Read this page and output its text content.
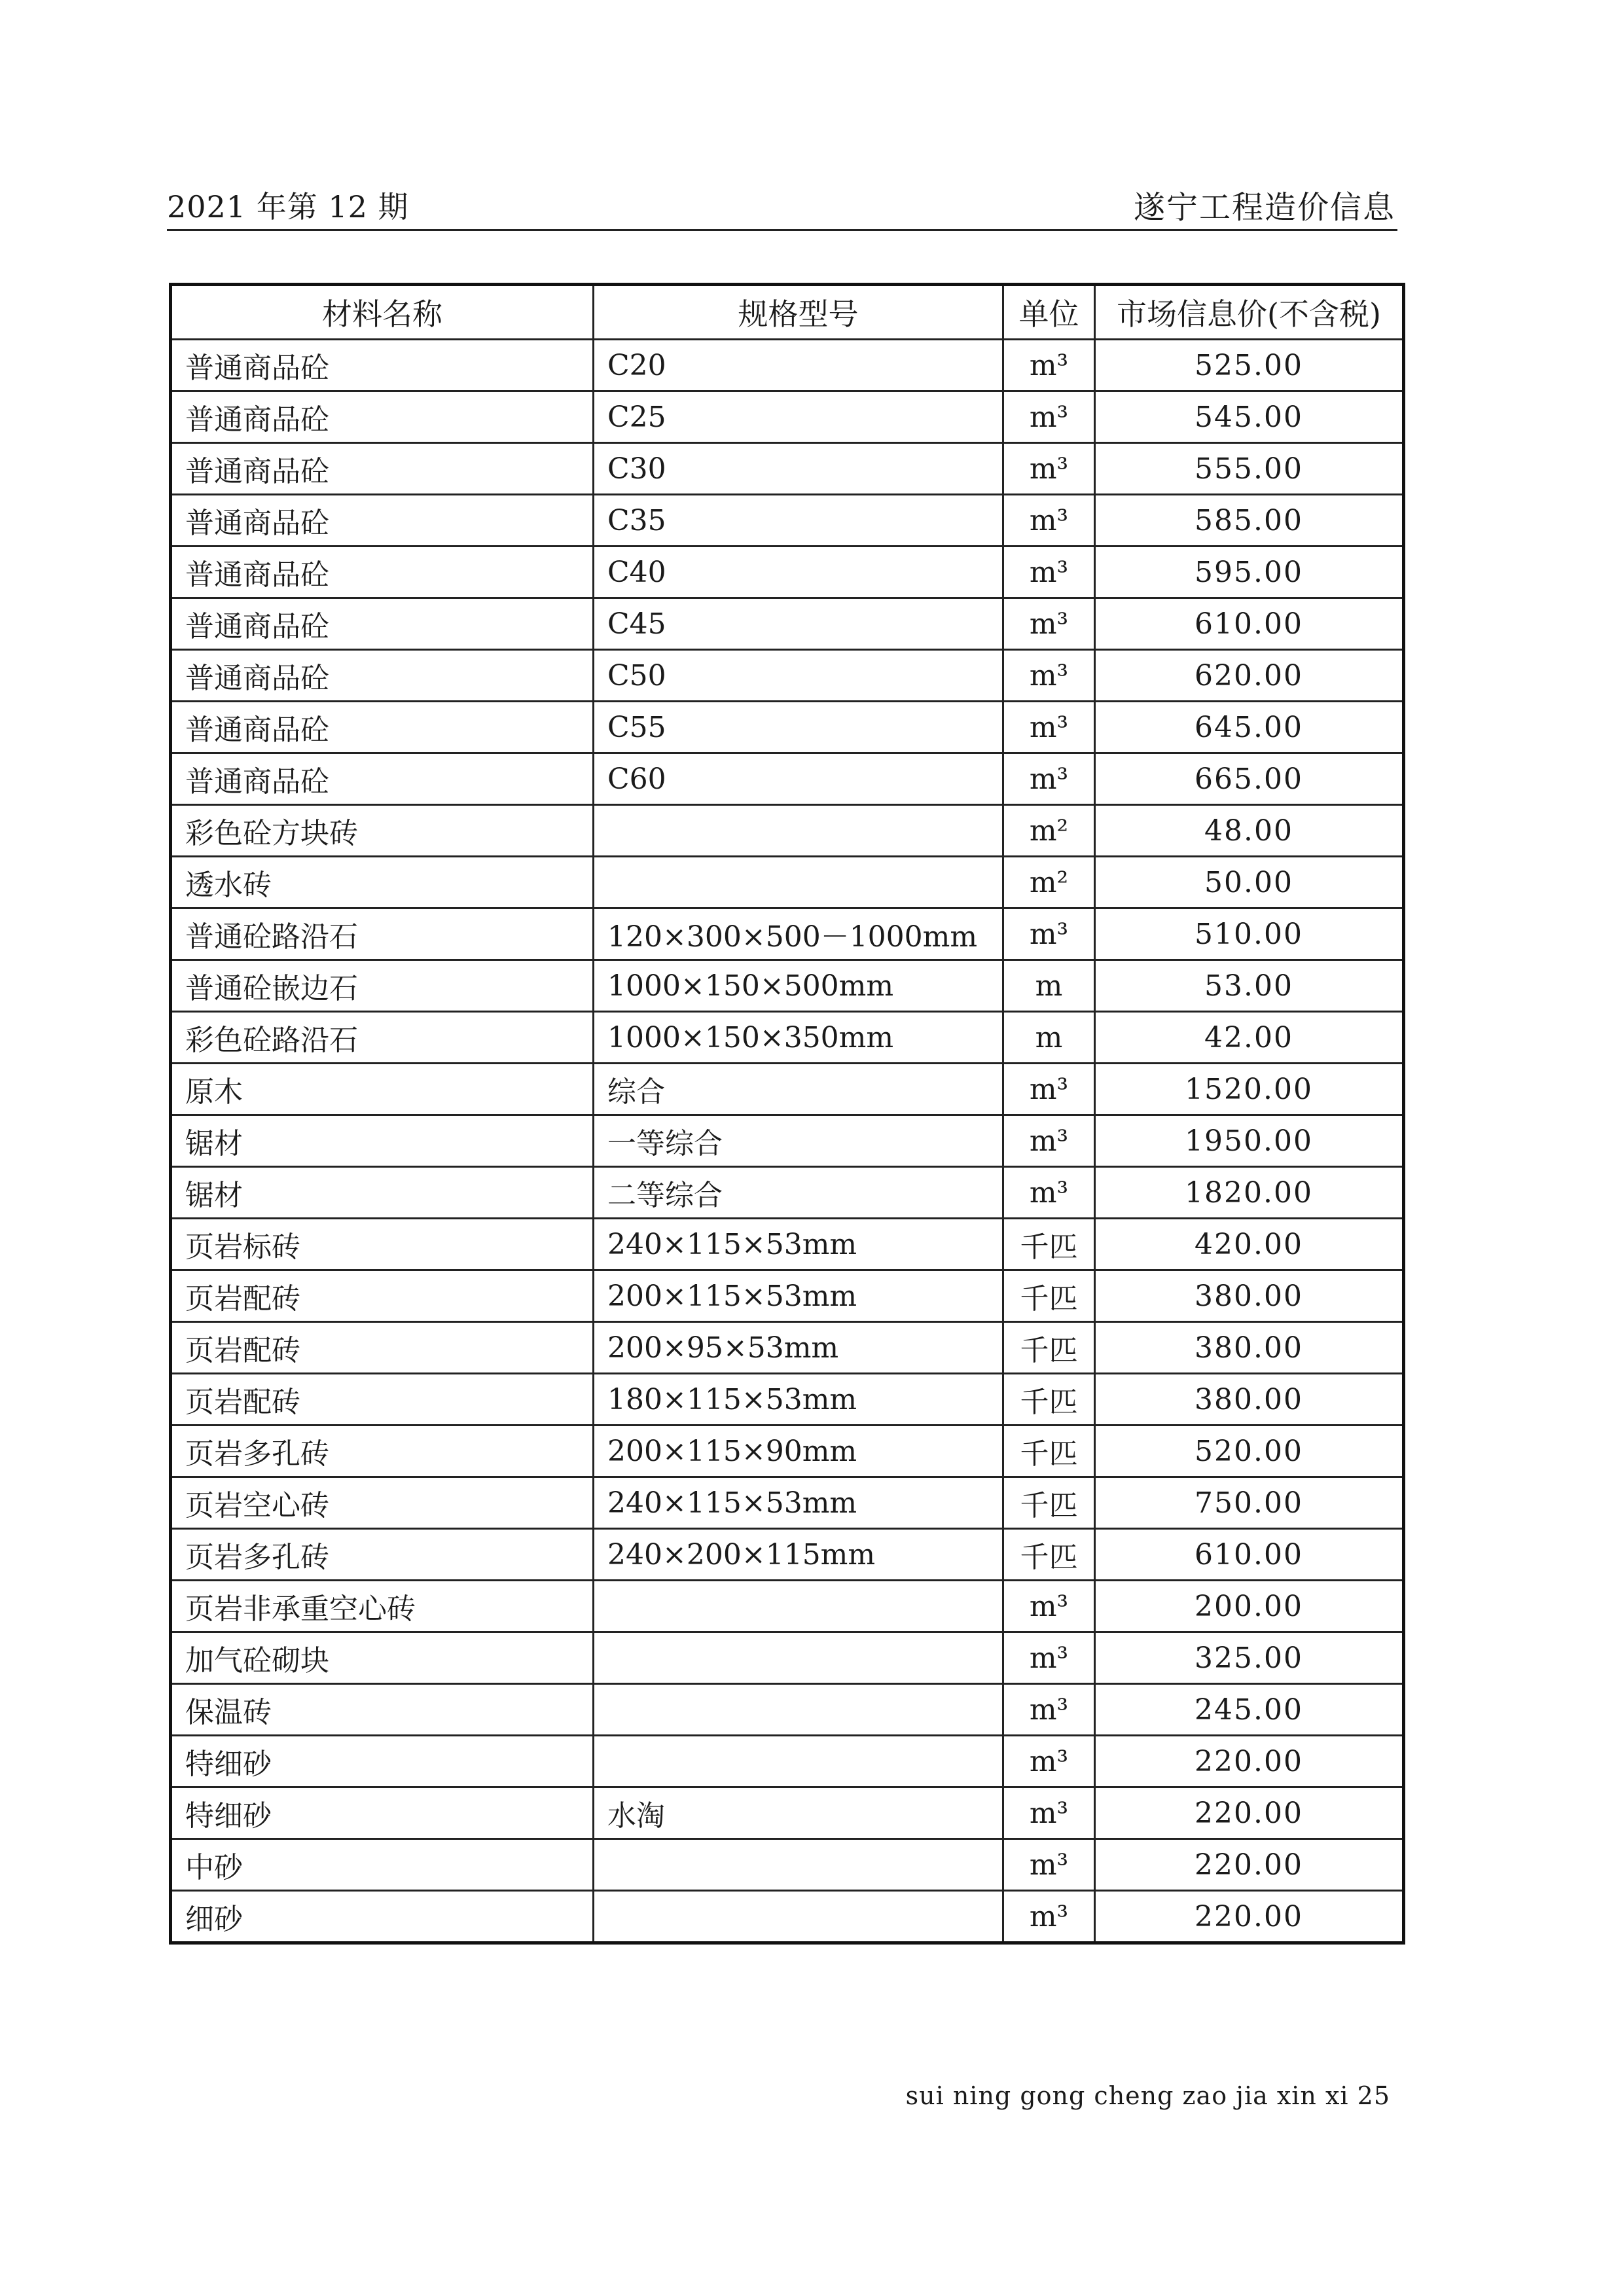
2021 年第 12 期	遂宁工程造价信息
材料名称	规格型号	单位	市场信息价(不含税)
普通商品砼	C20	m³	525.00
普通商品砼	C25	m³	545.00
普通商品砼	C30	m³	555.00
普通商品砼	C35	m³	585.00
普通商品砼	C40	m³	595.00
普通商品砼	C45	m³	610.00
普通商品砼	C50	m³	620.00
普通商品砼	C55	m³	645.00
普通商品砼	C60	m³	665.00
彩色砼方块砖		m²	48.00
透水砖		m²	50.00
普通砼路沿石	120×300×500－1000mm	m³	510.00
普通砼嵌边石	1000×150×500mm	m	53.00
彩色砼路沿石	1000×150×350mm	m	42.00
原木	综合	m³	1520.00
锯材	一等综合	m³	1950.00
锯材	二等综合	m³	1820.00
页岩标砖	240×115×53mm	千匹	420.00
页岩配砖	200×115×53mm	千匹	380.00
页岩配砖	200×95×53mm	千匹	380.00
页岩配砖	180×115×53mm	千匹	380.00
页岩多孔砖	200×115×90mm	千匹	520.00
页岩空心砖	240×115×53mm	千匹	750.00
页岩多孔砖	240×200×115mm	千匹	610.00
页岩非承重空心砖		m³	200.00
加气砼砌块		m³	325.00
保温砖		m³	245.00
特细砂		m³	220.00
特细砂	水淘	m³	220.00
中砂		m³	220.00
细砂		m³	220.00
sui ning gong cheng zao jia xin xi 25
